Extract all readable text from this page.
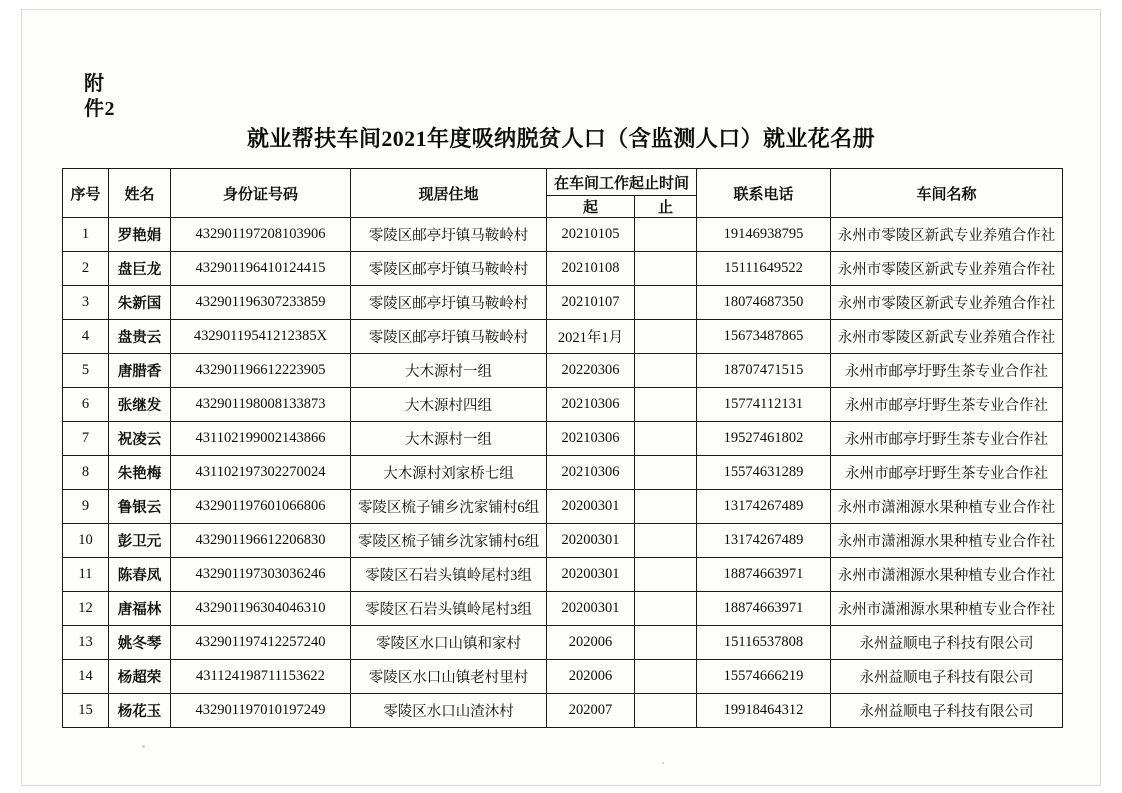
附
件2
就业帮扶车间2021年度吸纳脱贫人口（含监测人口）就业花名册
序号	姓名	身份证号码	现居住地	在车间工作起止时间		联系电话	车间名称
				起	止		
1	罗艳娟	432901197208103906	零陵区邮亭圩镇马鞍岭村	20210105		19146938795	永州市零陵区新武专业养殖合作社
2	盘巨龙	432901196410124415	零陵区邮亭圩镇马鞍岭村	20210108		15111649522	永州市零陵区新武专业养殖合作社
3	朱新国	432901196307233859	零陵区邮亭圩镇马鞍岭村	20210107		18074687350	永州市零陵区新武专业养殖合作社
4	盘贵云	43290119541212385X	零陵区邮亭圩镇马鞍岭村	2021年1月		15673487865	永州市零陵区新武专业养殖合作社
5	唐腊香	432901196612223905	大木源村一组	20220306		18707471515	永州市邮亭圩野生茶专业合作社
6	张继发	432901198008133873	大木源村四组	20210306		15774112131	永州市邮亭圩野生茶专业合作社
7	祝凌云	431102199002143866	大木源村一组	20210306		19527461802	永州市邮亭圩野生茶专业合作社
8	朱艳梅	431102197302270024	大木源村刘家桥七组	20210306		15574631289	永州市邮亭圩野生茶专业合作社
9	鲁银云	432901197601066806	零陵区梳子铺乡沈家铺村6组	20200301		13174267489	永州市潇湘源水果种植专业合作社
10	彭卫元	432901196612206830	零陵区梳子铺乡沈家铺村6组	20200301		13174267489	永州市潇湘源水果种植专业合作社
11	陈春凤	432901197303036246	零陵区石岩头镇岭尾村3组	20200301		18874663971	永州市潇湘源水果种植专业合作社
12	唐福林	432901196304046310	零陵区石岩头镇岭尾村3组	20200301		18874663971	永州市潇湘源水果种植专业合作社
13	姚冬琴	432901197412257240	零陵区水口山镇和家村	202006		15116537808	永州益顺电子科技有限公司
14	杨超荣	431124198711153622	零陵区水口山镇老村里村	202006		15574666219	永州益顺电子科技有限公司
15	杨花玉	432901197010197249	零陵区水口山渣沐村	202007		19918464312	永州益顺电子科技有限公司
